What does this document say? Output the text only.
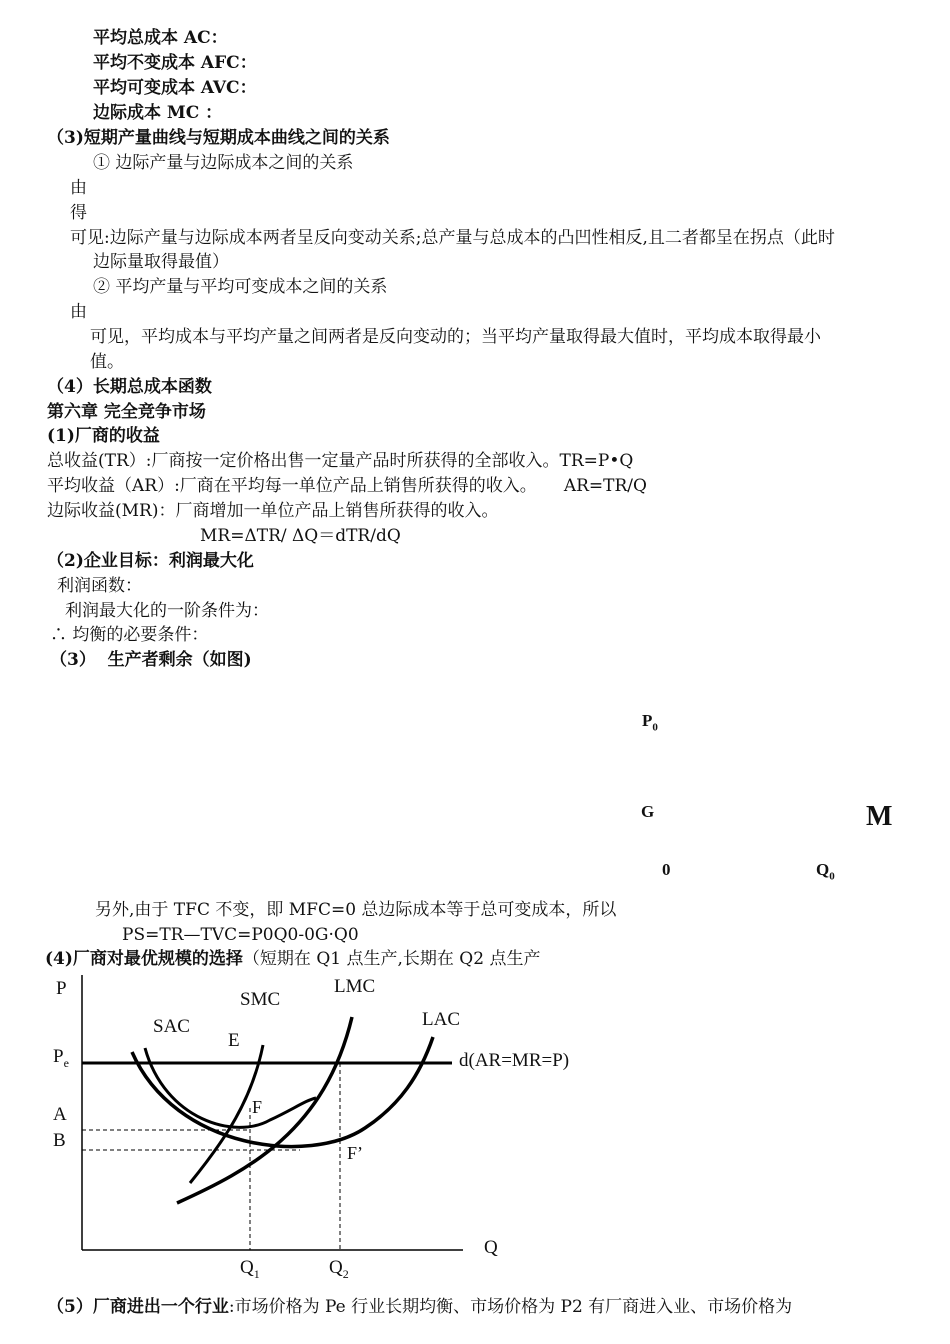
平均总成本 AC：
平均不变成本 AFC：
平均可变成本 AVC：
边际成本 MC ：
（3)短期产量曲线与短期成本曲线之间的关系
① 边际产量与边际成本之间的关系
由
得
可见:边际产量与边际成本两者呈反向变动关系;总产量与总成本的凸凹性相反,且二者都呈在拐点（此时
边际量取得最值）
② 平均产量与平均可变成本之间的关系
由
可见，平均成本与平均产量之间两者是反向变动的；当平均产量取得最大值时，平均成本取得最小
值。
（4）长期总成本函数
第六章 完全竞争市场
(1)厂商的收益
总收益(TR）:厂商按一定价格出售一定量产品时所获得的全部收入。TR=P•Q
平均收益（AR）:厂商在平均每一单位产品上销售所获得的收入。     AR=TR/Q
边际收益(MR)：厂商增加一单位产品上销售所获得的收入。
MR=ΔTR/ ΔQ＝dTR/dQ
（2)企业目标：利润最大化
利润函数：
利润最大化的一阶条件为：
∴ 均衡的必要条件：
（3）  生产者剩余（如图)
$P_0$
G	M
0	$Q_0$
另外,由于 TFC 不变，即 MFC=0 总边际成本等于总可变成本，所以
PS=TR—TVC=P0Q0-0G·Q0
(4)厂商对最优规模的选择（短期在 Q1 点生产,长期在 Q2 点生产
P
Q
$P_e$
A
B
$Q_1$	$Q_2$
SAC
SMC
LMC
LAC
E
F
F’
d(AR=MR=P)
（5）厂商进出一个行业:市场价格为 Pe 行业长期均衡、市场价格为 P2 有厂商进入业、市场价格为
